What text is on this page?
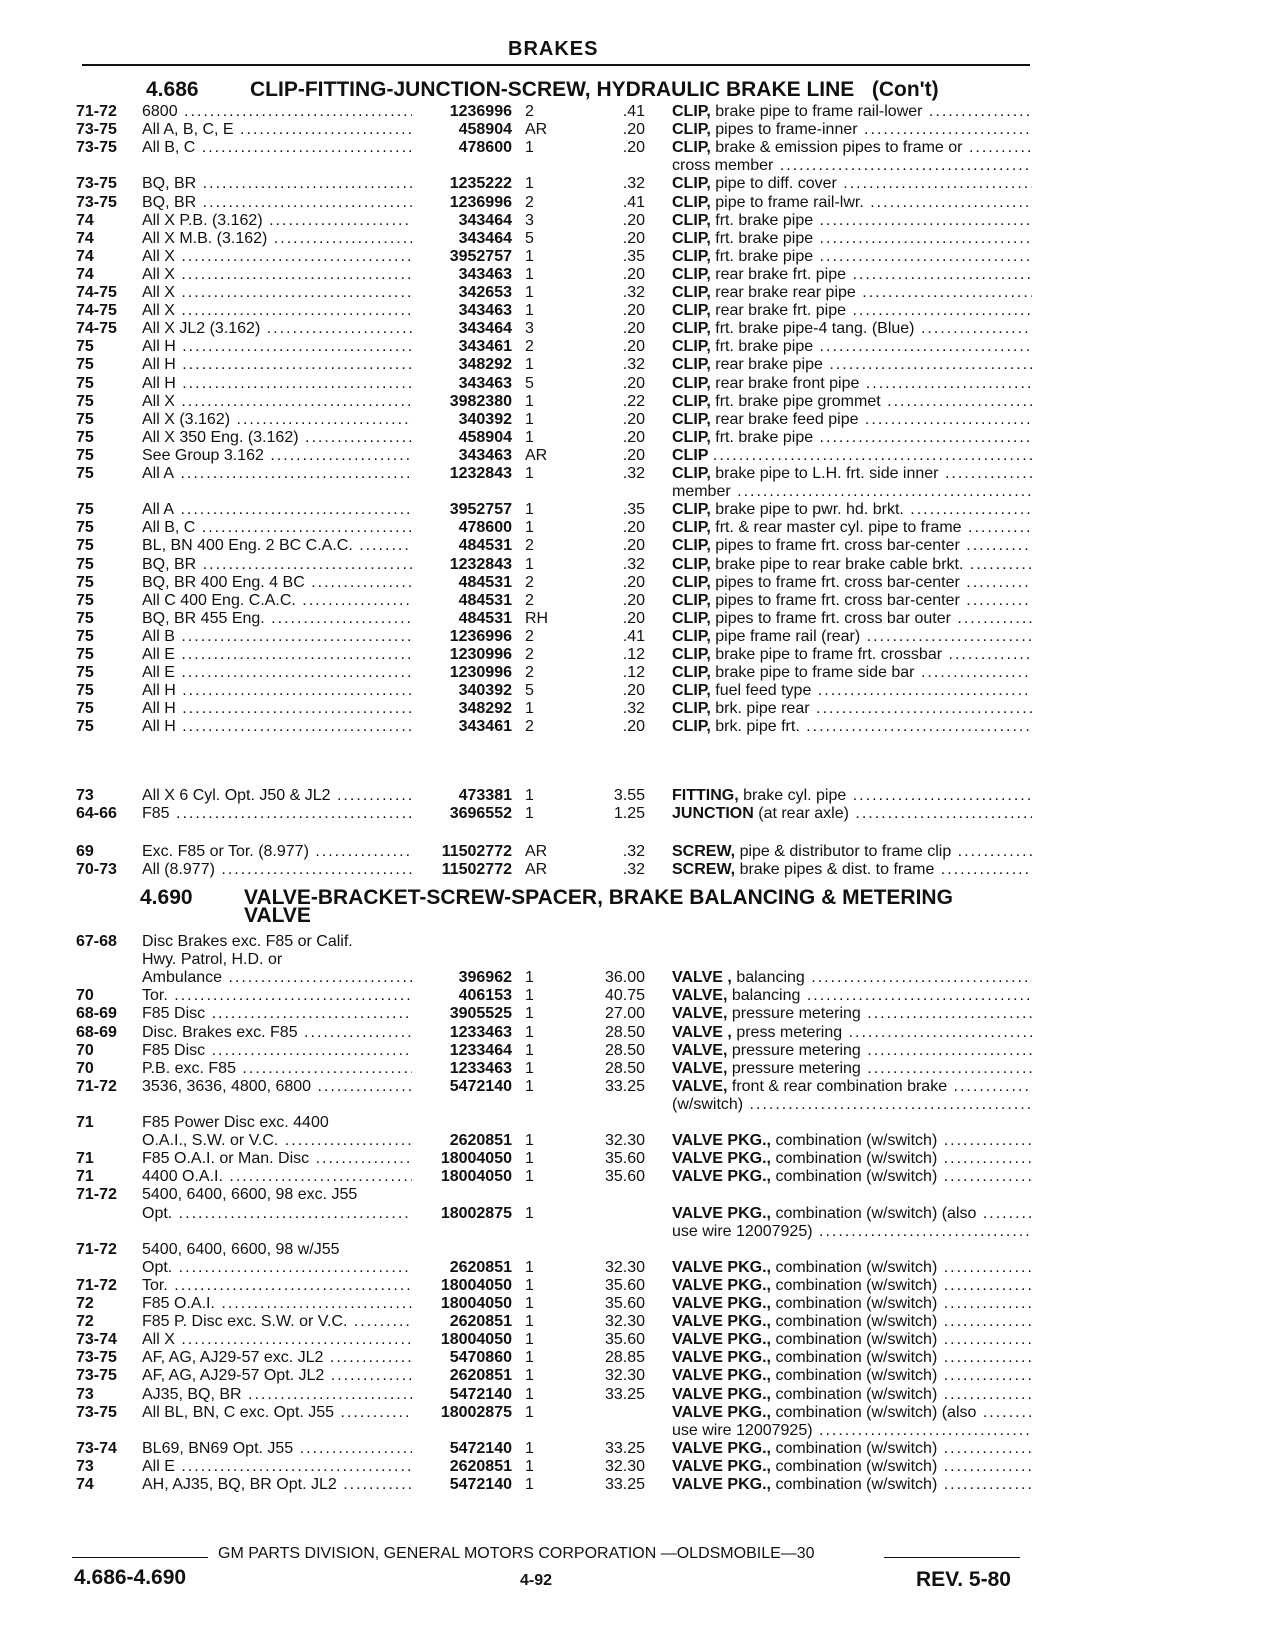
BRAKES
4.686 CLIP-FITTING-JUNCTION-SCREW, HYDRAULIC BRAKE LINE (Con't)
71-72	6800 .....	1236996 2	.41 CLIP, brake pipe to frame rail-lower .....
73-75	All A, B, C, E .....	458904 AR	.20 CLIP, pipes to frame-inner .....
73-75	All B, C .....	478600 1	.20 CLIP, brake & emission pipes to frame or .....
cross member .....
73-75	BQ, BR .....	1235222 1	.32 CLIP, pipe to diff. cover .....
73-75	BQ, BR .....	1236996 2	.41 CLIP, pipe to frame rail-lwr. .....
74	All X P.B. (3.162) .....	343464 3	.20 CLIP, frt. brake pipe .....
74	All X M.B. (3.162) .....	343464 5	.20 CLIP, frt. brake pipe .....
74	All X .....	3952757 1	.35 CLIP, frt. brake pipe .....
74	All X .....	343463 1	.20 CLIP, rear brake frt. pipe .....
74-75	All X .....	342653 1	.32 CLIP, rear brake rear pipe .....
74-75	All X .....	343463 1	.20 CLIP, rear brake frt. pipe .....
74-75	All X JL2 (3.162) .....	343464 3	.20 CLIP, frt. brake pipe-4 tang. (Blue) .....
75	All H .....	343461 2	.20 CLIP, frt. brake pipe .....
75	All H .....	348292 1	.32 CLIP, rear brake pipe .....
75	All H .....	343463 5	.20 CLIP, rear brake front pipe .....
75	All X .....	3982380 1	.22 CLIP, frt. brake pipe grommet .....
75	All X (3.162) .....	340392 1	.20 CLIP, rear brake feed pipe .....
75	All X 350 Eng. (3.162) .....	458904 1	.20 CLIP, frt. brake pipe .....
75	See Group 3.162 .....	343463 AR	.20 CLIP .....
75	All A .....	1232843 1	.32 CLIP, brake pipe to L.H. frt. side inner .....
member .....
75	All A .....	3952757 1	.35 CLIP, brake pipe to pwr. hd. brkt. .....
75	All B, C .....	478600 1	.20 CLIP, frt. & rear master cyl. pipe to frame .....
75	BL, BN 400 Eng. 2 BC C.A.C. .....	484531 2	.20 CLIP, pipes to frame frt. cross bar-center .....
75	BQ, BR .....	1232843 1	.32 CLIP, brake pipe to rear brake cable brkt. .....
75	BQ, BR 400 Eng. 4 BC .....	484531 2	.20 CLIP, pipes to frame frt. cross bar-center .....
75	All C 400 Eng. C.A.C. .....	484531 2	.20 CLIP, pipes to frame frt. cross bar-center .....
75	BQ, BR 455 Eng. .....	484531 RH	.20 CLIP, pipes to frame frt. cross bar outer .....
75	All B .....	1236996 2	.41 CLIP, pipe frame rail (rear) .....
75	All E .....	1230996 2	.12 CLIP, brake pipe to frame frt. crossbar .....
75	All E .....	1230996 2	.12 CLIP, brake pipe to frame side bar .....
75	All H .....	340392 5	.20 CLIP, fuel feed type .....
75	All H .....	348292 1	.32 CLIP, brk. pipe rear .....
75	All H .....	343461 2	.20 CLIP, brk. pipe frt. .....
73	All X 6 Cyl. Opt. J50 & JL2 .....	473381 1	3.55 FITTING, brake cyl. pipe .....
64-66	F85 .....	3696552 1	1.25 JUNCTION (at rear axle) .....
69	Exc. F85 or Tor. (8.977) .....	11502772 AR	.32 SCREW, pipe & distributor to frame clip .....
70-73	All (8.977) .....	11502772 AR	.32 SCREW, brake pipes & dist. to frame .....
4.690 VALVE-BRACKET-SCREW-SPACER, BRAKE BALANCING & METERING
VALVE
67-68	Disc Brakes exc. F85 or Calif.
Hwy. Patrol, H.D. or
Ambulance .....	396962 1	36.00 VALVE , balancing .....
70	Tor. .....	406153 1	40.75 VALVE, balancing .....
68-69	F85 Disc .....	3905525 1	27.00 VALVE, pressure metering .....
68-69	Disc. Brakes exc. F85 .....	1233463 1	28.50 VALVE , press metering .....
70	F85 Disc .....	1233464 1	28.50 VALVE, pressure metering .....
70	P.B. exc. F85 .....	1233463 1	28.50 VALVE, pressure metering .....
71-72	3536, 3636, 4800, 6800 .....	5472140 1	33.25 VALVE, front & rear combination brake .....
(w/switch) .....
71	F85 Power Disc exc. 4400
O.A.I., S.W. or V.C. .....	2620851 1	32.30 VALVE PKG., combination (w/switch) .....
71	F85 O.A.I. or Man. Disc .....	18004050 1	35.60 VALVE PKG., combination (w/switch) .....
71	4400 O.A.I. .....	18004050 1	35.60 VALVE PKG., combination (w/switch) .....
71-72	5400, 6400, 6600, 98 exc. J55
Opt. .....	18002875 1	VALVE PKG., combination (w/switch) (also .....
use wire 12007925) .....
71-72	5400, 6400, 6600, 98 w/J55
Opt. .....	2620851 1	32.30 VALVE PKG., combination (w/switch) .....
71-72	Tor. .....	18004050 1	35.60 VALVE PKG., combination (w/switch) .....
72	F85 O.A.I. .....	18004050 1	35.60 VALVE PKG., combination (w/switch) .....
72	F85 P. Disc exc. S.W. or V.C. .....	2620851 1	32.30 VALVE PKG., combination (w/switch) .....
73-74	All X .....	18004050 1	35.60 VALVE PKG., combination (w/switch) .....
73-75	AF, AG, AJ29-57 exc. JL2 .....	5470860 1	28.85 VALVE PKG., combination (w/switch) .....
73-75	AF, AG, AJ29-57 Opt. JL2 .....	2620851 1	32.30 VALVE PKG., combination (w/switch) .....
73	AJ35, BQ, BR .....	5472140 1	33.25 VALVE PKG., combination (w/switch) .....
73-75	All BL, BN, C exc. Opt. J55 .....	18002875 1	VALVE PKG., combination (w/switch) (also .....
use wire 12007925) .....
73-74	BL69, BN69 Opt. J55 .....	5472140 1	33.25 VALVE PKG., combination (w/switch) .....
73	All E .....	2620851 1	32.30 VALVE PKG., combination (w/switch) .....
74	AH, AJ35, BQ, BR Opt. JL2 .....	5472140 1	33.25 VALVE PKG., combination (w/switch) .....
GM PARTS DIVISION, GENERAL MOTORS CORPORATION —OLDSMOBILE—30
4.686-4.690	4-92	REV. 5-80
